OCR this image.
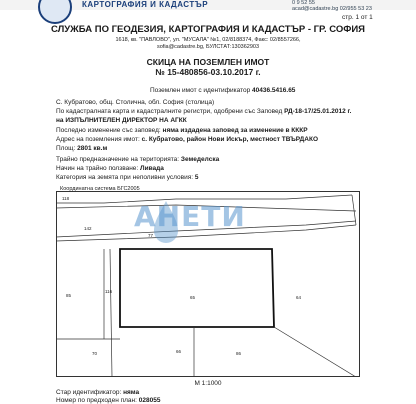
КАРТОГРАФИЯ И КАДАСТЪР	0 9 52 55
acad@cadastre.bg 02/955 53 23
стр. 1 от 1
СЛУЖБА ПО ГЕОДЕЗИЯ, КАРТОГРАФИЯ И КАДАСТЪР - ГР. СОФИЯ
1618, кв. "ПАВЛОВО", ул. "МУСАЛА" №1, 02/8188374, Факс: 02/8557266,
sofia@cadastre.bg, БУЛСТАТ:130362903
СКИЦА НА ПОЗЕМЛЕН ИМОТ
№ 15-480856-03.10.2017 г.
Поземлен имот с идентификатор 40436.5416.65
С. Кубратово, общ. Столична, обл. София (столица)
По кадастралната карта и кадастралните регистри, одобрени със Заповед РД-18-17/25.01.2012 г.
на ИЗПЪЛНИТЕЛЕН ДИРЕКТОР НА АГКК
Последно изменение със заповед: няма издадена заповед за изменение в КККР
Адрес на поземления имот: с. Кубратово, район Нови Искър, местност ТВЪРДАКО
Площ: 2801 кв.м
Трайно предназначение на територията: Земеделска
Начин на трайно ползване: Ливада
Категория на земята при неполивни условия: 5
Координатна система БГС2005
118
142
77
85
116
65	64
70	66	86
АНЕТИ
М 1:1000
Стар идентификатор: няма
Номер по предходен план: 028055
